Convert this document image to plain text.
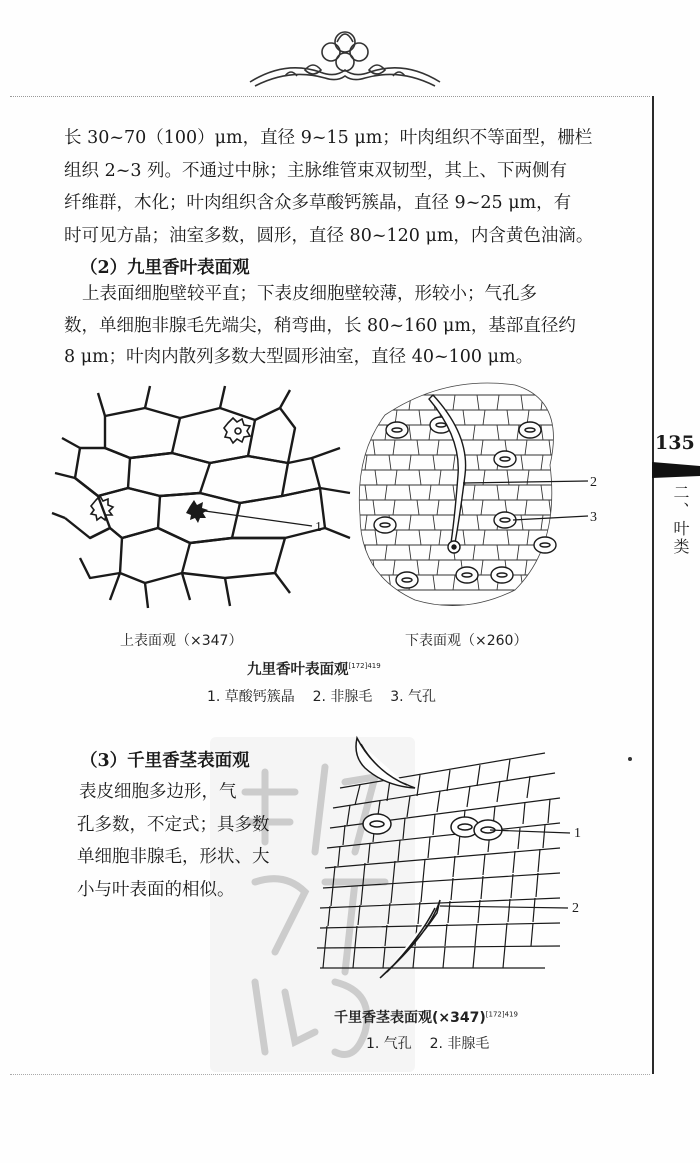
135
二、叶类
长 30~70（100）μm，直径 9~15 μm；叶肉组织不等面型，栅栏
组织 2~3 列。不通过中脉；主脉维管束双韧型，其上、下两侧有
纤维群，木化；叶肉组织含众多草酸钙簇晶，直径 9~25 μm，有
时可见方晶；油室多数，圆形，直径 80~120 μm，内含黄色油滴。
（2）九里香叶表面观
上表面细胞壁较平直；下表皮细胞壁较薄，形较小；气孔多
数，单细胞非腺毛先端尖，稍弯曲，长 80~160 μm，基部直径约
8 μm；叶肉内散列多数大型圆形油室，直径 40~100 μm。
1
2
3
上表面观（×347）	下表面观（×260）
九里香叶表面观$^{[172]419}$
1. 草酸钙簇晶    2. 非腺毛    3. 气孔
（3）千里香茎表面观
表皮细胞多边形，气
孔多数，不定式；具多数
单细胞非腺毛，形状、大
小与叶表面的相似。
1
2
千里香茎表面观$(\times 347)^{[172]419}$
1. 气孔    2. 非腺毛
